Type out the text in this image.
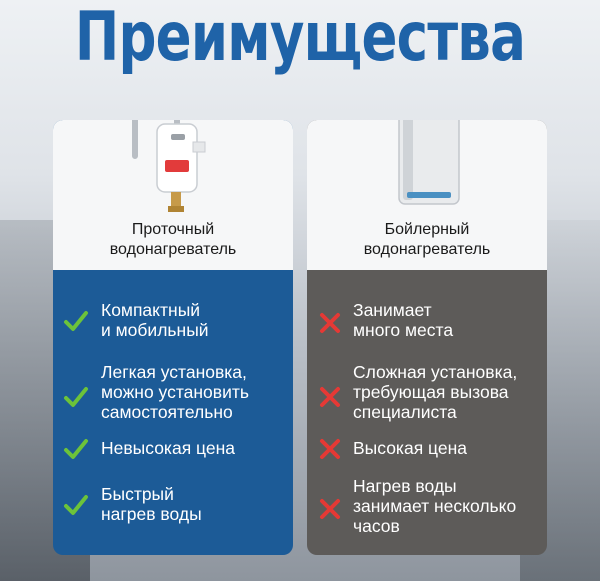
Преимущества
Проточный
водонагреватель
Компактный
и мобильный
Легкая установка,
можно установить
самостоятельно
Невысокая цена
Быстрый
нагрев воды
Бойлерный
водонагреватель
Занимает
много места
Сложная установка,
требующая вызова
специалиста
Высокая цена
Нагрев воды
занимает несколько
часов
